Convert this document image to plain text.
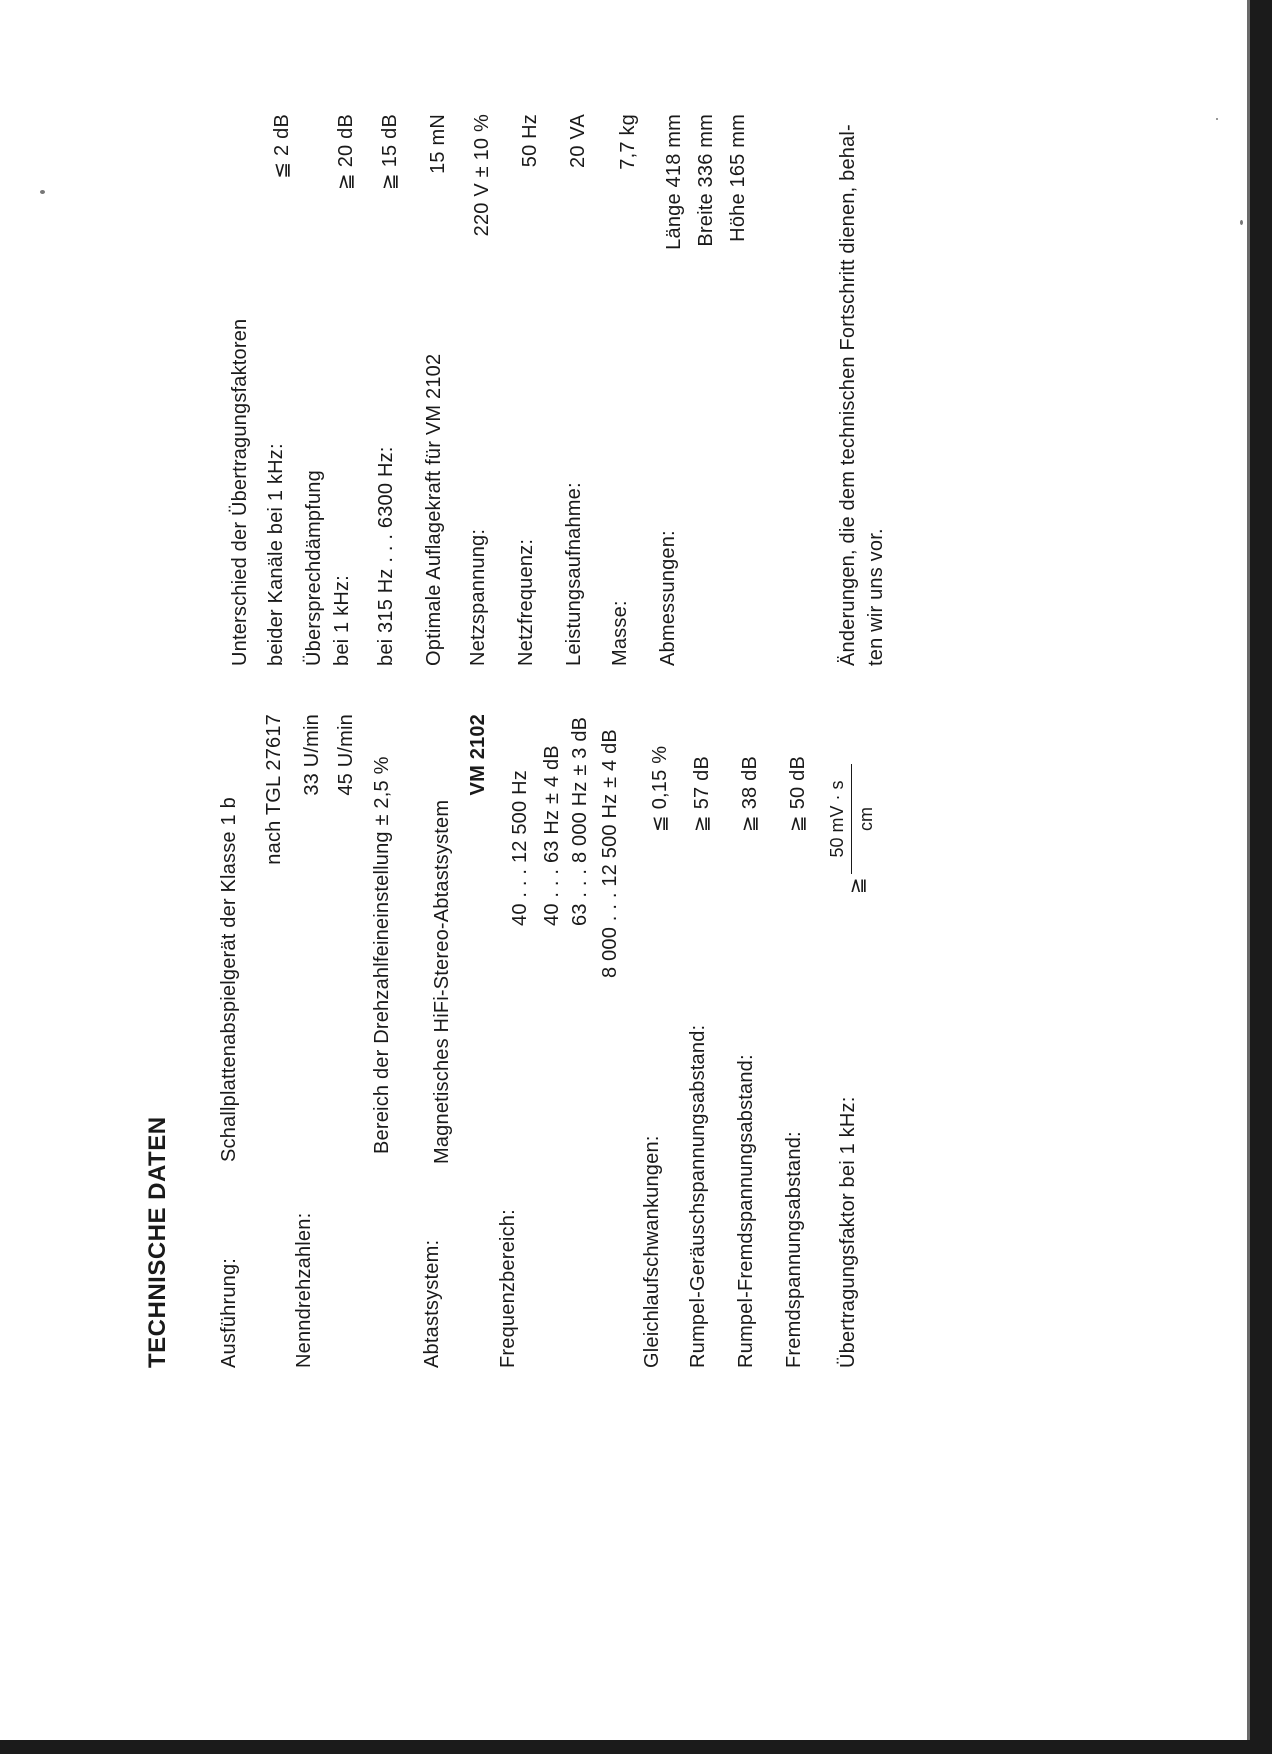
TECHNISCHE DATEN Ausführung:
Schallplattenabspielgerät der Klasse 1 b
nach TGL 27617
Nenndrehzahlen:
33 U/min 45 U/min
Bereich der Drehzahlfeineinstellung ± 2,5 %
Abtastsystem:
Magnetisches HiFi-Stereo-Abtastsystem
VM 2102
Frequenzbereich:
40 . . . 12 500 Hz 40 . . . 63 Hz ± 4 dB 63 . . . 8 000 Hz ± 3 dB 8 000 . . . 12 500 Hz ± 4 dB
Gleichlaufschwankungen:
≦ 0,15 %
Rumpel-Geräuschspannungsabstand:
≧ 57 dB
Rumpel-Fremdspannungsabstand:
≧ 38 dB
Fremdspannungsabstand:
≧ 50 dB
Übertragungsfaktor bei 1 kHz:
≧
50 mV · s cm
Unterschied der Übertragungsfaktoren beider Kanäle bei 1 kHz:
≦ 2 dB
Übersprechdämpfung bei 1 kHz:
≧ 20 dB
bei 315 Hz . . . 6300 Hz:
≧ 15 dB
Optimale Auflagekraft für VM 2102
15 mN
Netzspannung:
220 V ± 10 %
Netzfrequenz:
50 Hz
Leistungsaufnahme:
20 VA
Masse:
7,7 kg
Abmessungen:
Länge 418 mm Breite 336 mm Höhe 165 mm	Änderungen, die dem technischen Fortschritt dienen, behal- ten wir uns vor.
